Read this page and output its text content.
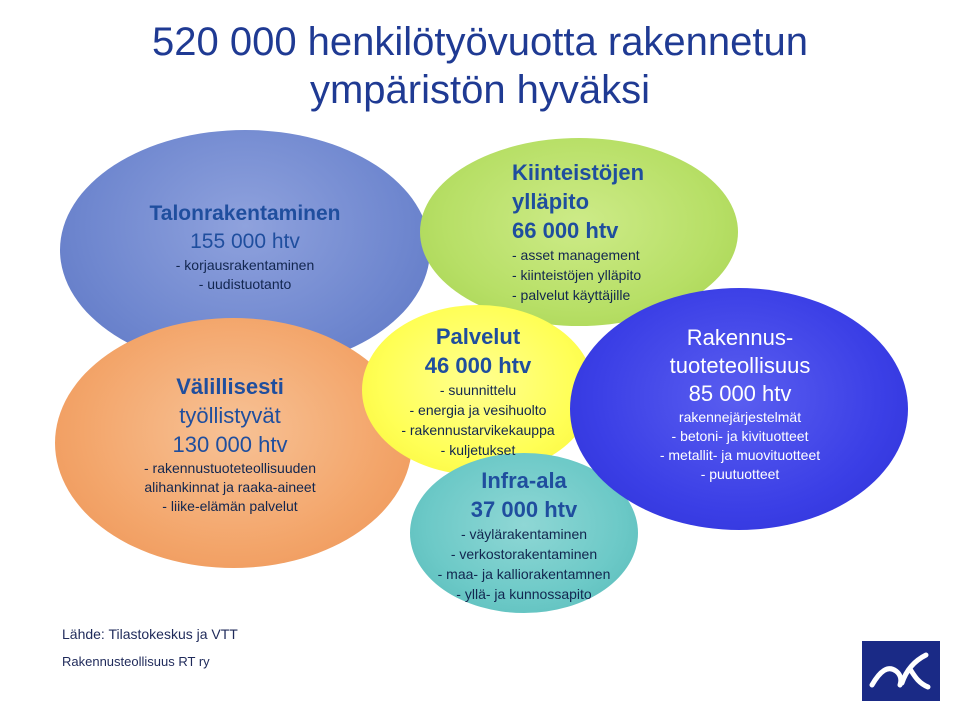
520 000 henkilötyövuotta rakennetun
ympäristön hyväksi
Talonrakentaminen
155 000 htv
- korjausrakentaminen
- uudistuotanto
Kiinteistöjen
ylläpito
66 000 htv
- asset management
- kiinteistöjen ylläpito
- palvelut käyttäjille
Välillisesti
työllistyvät
130 000 htv
- rakennustuoteteollisuuden
alihankinnat ja raaka-aineet
- liike-elämän palvelut
Palvelut
46 000 htv
- suunnittelu
- energia ja vesihuolto
- rakennustarvikekauppa
- kuljetukset
Infra-ala
37 000 htv
- väylärakentaminen
- verkostorakentaminen
- maa- ja kalliorakentamnen
- yllä- ja kunnossapito
Rakennus-
tuoteteollisuus
85 000 htv
rakennejärjestelmät
- betoni- ja kivituotteet
- metallit- ja muovituotteet
- puutuotteet
Lähde: Tilastokeskus ja VTT
Rakennusteollisuus RT ry
